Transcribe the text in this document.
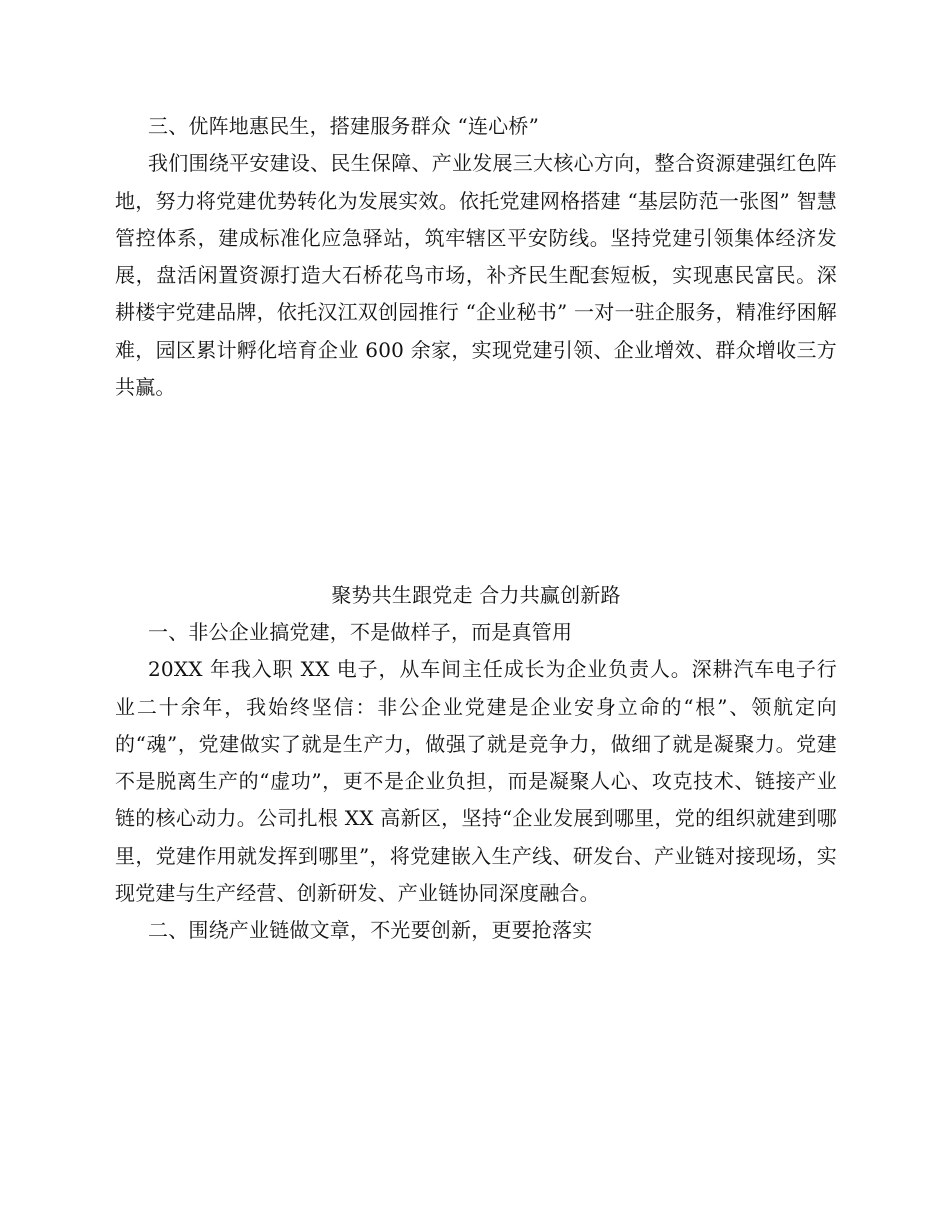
三、优阵地惠民生，搭建服务群众 “连心桥”

我们围绕平安建设、民生保障、产业发展三大核心方向，整合资源建强红色阵地，努力将党建优势转化为发展实效。依托党建网格搭建 “基层防范一张图” 智慧管控体系，建成标准化应急驿站，筑牢辖区平安防线。坚持党建引领集体经济发展，盘活闲置资源打造大石桥花鸟市场，补齐民生配套短板，实现惠民富民。深耕楼宇党建品牌，依托汉江双创园推行 “企业秘书” 一对一驻企服务，精准纾困解难，园区累计孵化培育企业 600 余家，实现党建引领、企业增效、群众增收三方共赢。

聚势共生跟党走 合力共赢创新路

一、非公企业搞党建，不是做样子，而是真管用

20XX 年我入职 XX 电子，从车间主任成长为企业负责人。深耕汽车电子行业二十余年，我始终坚信：非公企业党建是企业安身立命的“根”、领航定向的“魂”，党建做实了就是生产力，做强了就是竞争力，做细了就是凝聚力。党建不是脱离生产的“虚功”，更不是企业负担，而是凝聚人心、攻克技术、链接产业链的核心动力。公司扎根 XX 高新区，坚持“企业发展到哪里，党的组织就建到哪里，党建作用就发挥到哪里”，将党建嵌入生产线、研发台、产业链对接现场，实现党建与生产经营、创新研发、产业链协同深度融合。

二、围绕产业链做文章，不光要创新，更要抢落实
